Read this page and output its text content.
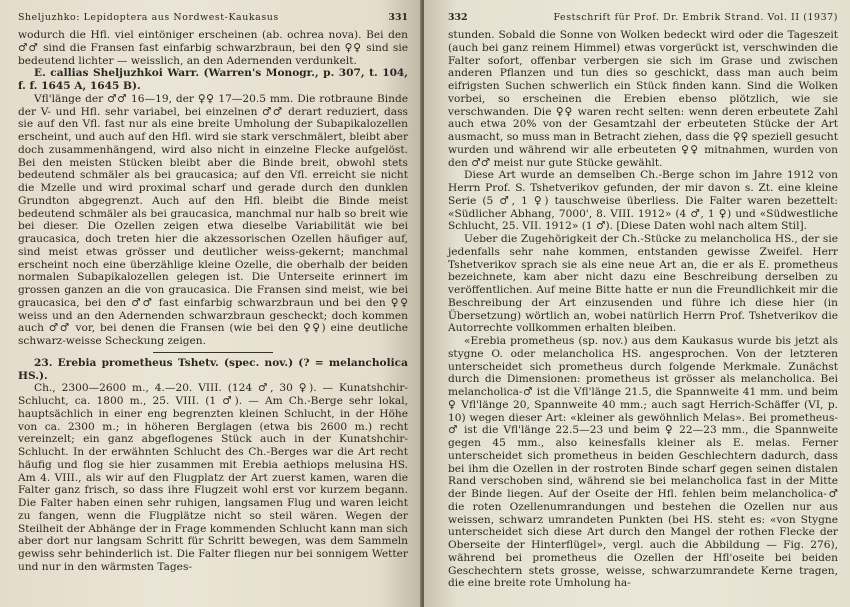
Sheljuzhko: Lepidoptera aus Nordwest-Kaukasus	331

wodurch die Hfl. viel eintöniger erscheinen (ab. ochrea nova). Bei den ♂♂ sind die Fransen fast einfarbig schwarzbraun, bei den ♀♀ sind sie bedeutend lichter — weisslich, an den Adernenden verdunkelt.

E. callias Sheljuzhkoi Warr. (Warren's Monogr., p. 307, t. 104, f. f. 1645 A, 1645 B).

Vfl'länge der ♂♂ 16—19, der ♀♀ 17—20.5 mm. Die rotbraune Binde der V- und Hfl. sehr variabel, bei einzelnen ♂♂ derart reduziert, dass sie auf den Vfl. fast nur als eine breite Umholung der Subapikalozellen erscheint, und auch auf den Hfl. wird sie stark verschmälert, bleibt aber doch zusammenhängend, wird also nicht in einzelne Flecke aufgelöst. Bei den meisten Stücken bleibt aber die Binde breit, obwohl stets bedeutend schmäler als bei graucasica; auf den Vfl. erreicht sie nicht die Mzelle und wird proximal scharf und gerade durch den dunklen Grundton abgegrenzt. Auch auf den Hfl. bleibt die Binde meist bedeutend schmäler als bei graucasica, manchmal nur halb so breit wie bei dieser. Die Ozellen zeigen etwa dieselbe Variabilität wie bei graucasica, doch treten hier die akzessorischen Ozellen häufiger auf, sind meist etwas grösser und deutlicher weiss-gekernt; manchmal erscheint noch eine überzählige kleine Ozelle, die oberhalb der beiden normalen Subapikalozellen gelegen ist. Die Unterseite erinnert im grossen ganzen an die von graucasica. Die Fransen sind meist, wie bei graucasica, bei den ♂♂ fast einfarbig schwarzbraun und bei den ♀♀ weiss und an den Adernenden schwarzbraun gescheckt; doch kommen auch ♂♂ vor, bei denen die Fransen (wie bei den ♀♀) eine deutliche schwarz-weisse Scheckung zeigen.

23. Erebia prometheus Tshetv. (spec. nov.) (? = melancholica HS.).

Ch., 2300—2600 m., 4.—20. VIII. (124 ♂, 30 ♀). — Kunatshchir-Schlucht, ca. 1800 m., 25. VIII. (1 ♂). — Am Ch.-Berge sehr lokal, hauptsächlich in einer eng begrenzten kleinen Schlucht, in der Höhe von ca. 2300 m.; in höheren Berglagen (etwa bis 2600 m.) recht vereinzelt; ein ganz abgeflogenes Stück auch in der Kunatshchir-Schlucht. In der erwähnten Schlucht des Ch.-Berges war die Art recht häufig und flog sie hier zusammen mit Erebia aethiops melusina HS. Am 4. VIII., als wir auf den Flugplatz der Art zuerst kamen, waren die Falter ganz frisch, so dass ihre Flugzeit wohl erst vor kurzem begann. Die Falter haben einen sehr ruhigen, langsamen Flug und waren leicht zu fangen, wenn die Flugplätze nicht so steil wären. Wegen der Steilheit der Abhänge der in Frage kommenden Schlucht kann man sich aber dort nur langsam Schritt für Schritt bewegen, was dem Sammeln gewiss sehr behinderlich ist. Die Falter fliegen nur bei sonnigem Wetter und nur in den wärmsten Tages-

332	Festschrift für Prof. Dr. Embrik Strand. Vol. II (1937)

stunden. Sobald die Sonne von Wolken bedeckt wird oder die Tageszeit (auch bei ganz reinem Himmel) etwas vorgerückt ist, verschwinden die Falter sofort, offenbar verbergen sie sich im Grase und zwischen anderen Pflanzen und tun dies so geschickt, dass man auch beim eifrigsten Suchen schwerlich ein Stück finden kann. Sind die Wolken vorbei, so erscheinen die Erebien ebenso plötzlich, wie sie verschwanden. Die ♀♀ waren recht selten: wenn deren erbeutete Zahl auch etwa 20% von der Gesamtzahl der erbeuteten Stücke der Art ausmacht, so muss man in Betracht ziehen, dass die ♀♀ speziell gesucht wurden und während wir alle erbeuteten ♀♀ mitnahmen, wurden von den ♂♂ meist nur gute Stücke gewählt.

Diese Art wurde an demselben Ch.-Berge schon im Jahre 1912 von Herrn Prof. S. Tshetverikov gefunden, der mir davon s. Zt. eine kleine Serie (5 ♂, 1 ♀) tauschweise überliess. Die Falter waren bezettelt: «Südlicher Abhang, 7000', 8. VIII. 1912» (4 ♂, 1 ♀) und «Südwestliche Schlucht, 25. VII. 1912» (1 ♂). [Diese Daten wohl nach altem Stil].

Ueber die Zugehörigkeit der Ch.-Stücke zu melancholica HS., der sie jedenfalls sehr nahe kommen, entstanden gewisse Zweifel. Herr Tshetverikov sprach sie als eine neue Art an, die er als E. prometheus bezeichnete, kam aber nicht dazu eine Beschreibung derselben zu veröffentlichen. Auf meine Bitte hatte er nun die Freundlichkeit mir die Beschreibung der Art einzusenden und führe ich diese hier (in Übersetzung) wörtlich an, wobei natürlich Herrn Prof. Tshetverikov die Autorrechte vollkommen erhalten bleiben.

«Erebia prometheus (sp. nov.) aus dem Kaukasus wurde bis jetzt als stygne O. oder melancholica HS. angesprochen. Von der letzteren unterscheidet sich prometheus durch folgende Merkmale. Zunächst durch die Dimensionen: prometheus ist grösser als melancholica. Bei melancholica-♂ ist die Vfl'länge 21.5, die Spannweite 41 mm. und beim ♀ Vfl'länge 20, Spannweite 40 mm.; auch sagt Herrich-Schäffer (VI, p. 10) wegen dieser Art: «kleiner als gewöhnlich Melas». Bei prometheus-♂ ist die Vfl'länge 22.5—23 und beim ♀ 22—23 mm., die Spannweite gegen 45 mm., also keinesfalls kleiner als E. melas. Ferner unterscheidet sich prometheus in beiden Geschlechtern dadurch, dass bei ihm die Ozellen in der rostroten Binde scharf gegen seinen distalen Rand verschoben sind, während sie bei melancholica fast in der Mitte der Binde liegen. Auf der Oseite der Hfl. fehlen beim melancholica-♂ die roten Ozellenumrandungen und bestehen die Ozellen nur aus weissen, schwarz umrandeten Punkten (bei HS. steht es: «von Stygne unterscheidet sich diese Art durch den Mangel der rothen Flecke der Oberseite der Hinterflügel», vergl. auch die Abbildung — Fig. 276), während bei prometheus die Ozellen der Hfl'oseite bei beiden Geschechtern stets grosse, weisse, schwarzumrandete Kerne tragen, die eine breite rote Umholung ha-
